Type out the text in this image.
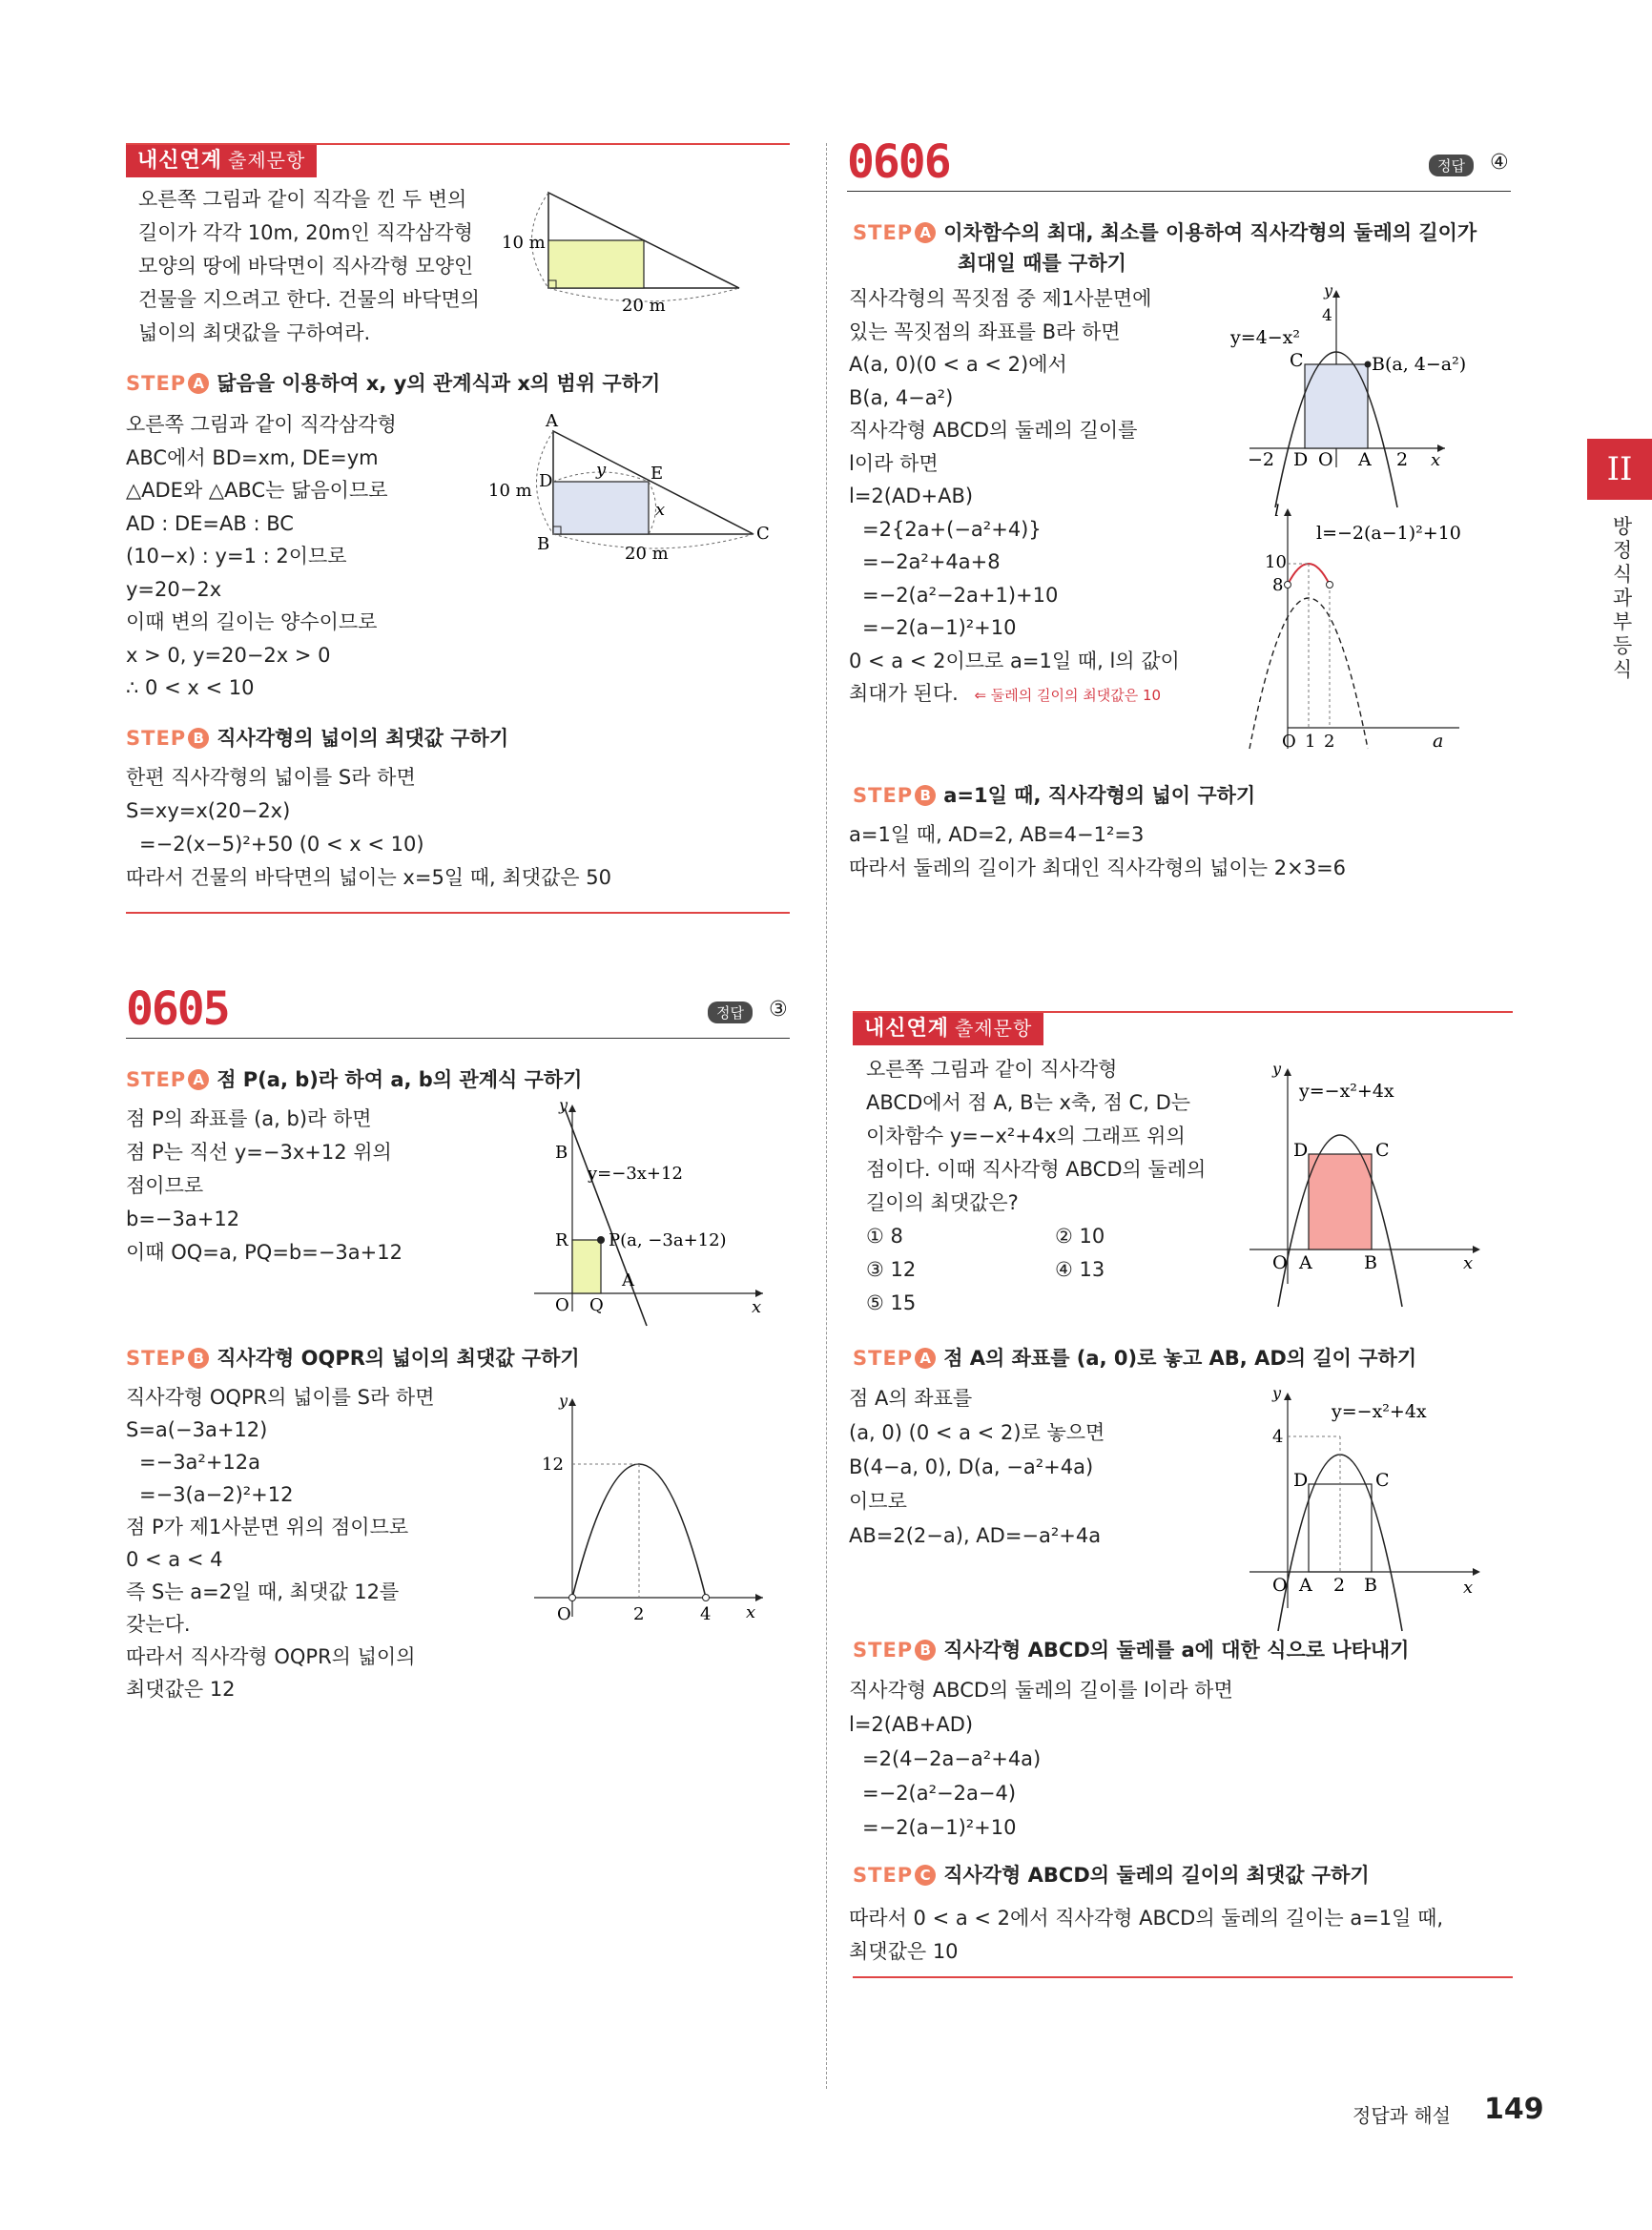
내신연계 출제문항
오른쪽 그림과 같이 직각을 낀 두 변의
길이가 각각 10m, 20m인 직각삼각형
모양의 땅에 바닥면이 직사각형 모양인
건물을 지으려고 한다. 건물의 바닥면의
넓이의 최댓값을 구하여라.
10 m
20 m
STEP A 닮음을 이용하여 x, y의 관계식과 x의 범위 구하기
오른쪽 그림과 같이 직각삼각형
ABC에서 BD=xm, DE=ym
△ADE와 △ABC는 닮음이므로
AD : DE=AB : BC
(10−x) : y=1 : 2이므로
y=20−2x
이때 변의 길이는 양수이므로
x > 0, y=20−2x > 0
∴ 0 < x < 10
A
B
C
D	E
y
x
10 m
20 m
STEP B 직사각형의 넓이의 최댓값 구하기
한편 직사각형의 넓이를 S라 하면
S=xy=x(20−2x)
=−2(x−5)²+50 (0 < x < 10)
따라서 건물의 바닥면의 넓이는 x=5일 때, 최댓값은 50
0605	정답	③
STEP A 점 P(a, b)라 하여 a, b의 관계식 구하기
점 P의 좌표를 (a, b)라 하면
점 P는 직선 y=−3x+12 위의
점이므로
b=−3a+12
이때 OQ=a, PQ=b=−3a+12
y
x
B
R
O Q
A
y=−3x+12
P(a, −3a+12)
STEP B 직사각형 OQPR의 넓이의 최댓값 구하기
직사각형 OQPR의 넓이를 S라 하면
S=a(−3a+12)
=−3a²+12a
=−3(a−2)²+12
점 P가 제1사분면 위의 점이므로
0 < a < 4
즉 S는 a=2일 때, 최댓값 12를
갖는다.
따라서 직사각형 OQPR의 넓이의
최댓값은 12
y
x
O	2	4
12
0606	정답	④
STEP A 이차함수의 최대, 최소를 이용하여 직사각형의 둘레의 길이가
최대일 때를 구하기
직사각형의 꼭짓점 중 제1사분면에
있는 꼭짓점의 좌표를 B라 하면
A(a, 0)(0 < a < 2)에서
B(a, 4−a²)
직사각형 ABCD의 둘레의 길이를
l이라 하면
l=2(AD+AB)
=2{2a+(−a²+4)}
=−2a²+4a+8
=−2(a²−2a+1)+10
=−2(a−1)²+10
0 < a < 2이므로 a=1일 때, l의 값이
최대가 된다. ⇐ 둘레의 길이의 최댓값은 10
y
x
4
y=4−x²
C	B(a, 4−a²)
−2 D O A 2
l
a
l=−2(a−1)²+10
10
8
O 1 2
STEP B a=1일 때, 직사각형의 넓이 구하기
a=1일 때, AD=2, AB=4−1²=3
따라서 둘레의 길이가 최대인 직사각형의 넓이는 2×3=6
내신연계 출제문항
오른쪽 그림과 같이 직사각형
ABCD에서 점 A, B는 x축, 점 C, D는
이차함수 y=−x²+4x의 그래프 위의
점이다. 이때 직사각형 ABCD의 둘레의
길이의 최댓값은?
① 8	② 10
③ 12	④ 13
⑤ 15
y
x
y=−x²+4x
D	C
O A	B
STEP A 점 A의 좌표를 (a, 0)로 놓고 AB, AD의 길이 구하기
점 A의 좌표를
(a, 0) (0 < a < 2)로 놓으면
B(4−a, 0), D(a, −a²+4a)
이므로
AB=2(2−a), AD=−a²+4a
y
x
y=−x²+4x
4
D	C
O A 2 B
STEP B 직사각형 ABCD의 둘레를 a에 대한 식으로 나타내기
직사각형 ABCD의 둘레의 길이를 l이라 하면
l=2(AB+AD)
=2(4−2a−a²+4a)
=−2(a²−2a−4)
=−2(a−1)²+10
STEP C 직사각형 ABCD의 둘레의 길이의 최댓값 구하기
따라서 0 < a < 2에서 직사각형 ABCD의 둘레의 길이는 a=1일 때,
최댓값은 10
II
방정식과 부등식
정답과 해설 149
